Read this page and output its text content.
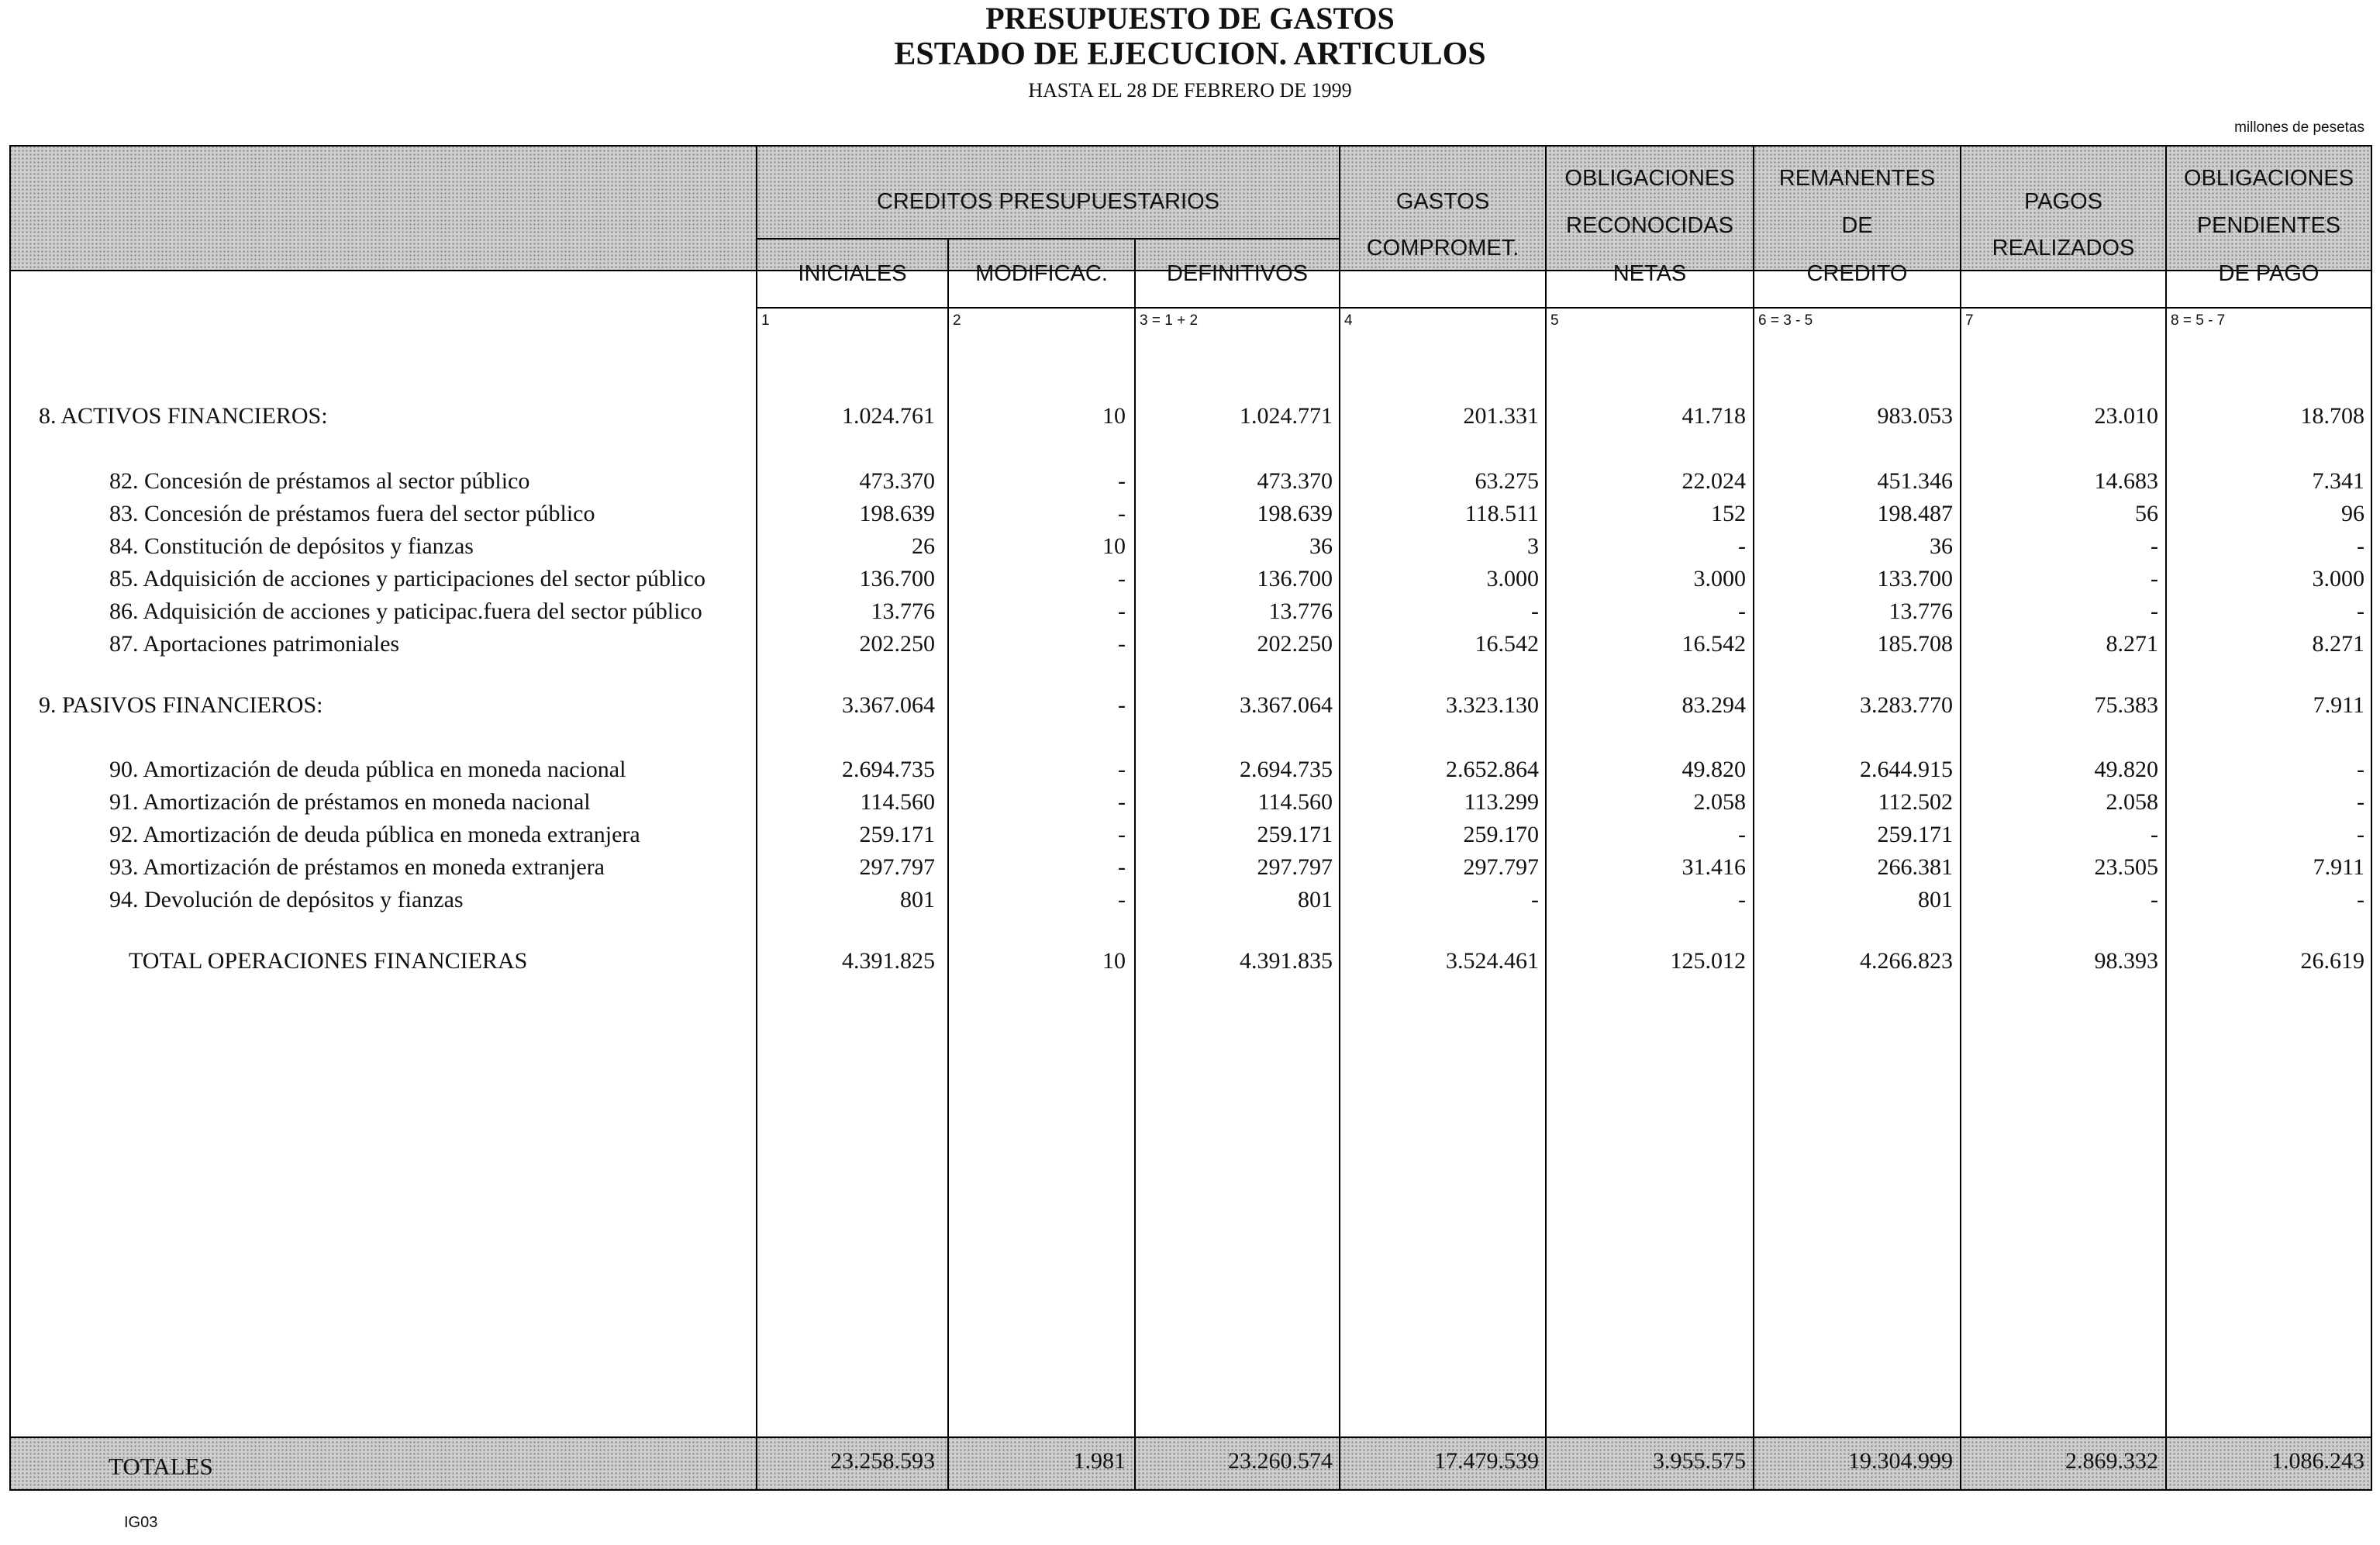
PRESUPUESTO DE GASTOS
ESTADO DE EJECUCION. ARTICULOS
HASTA EL 28 DE FEBRERO DE 1999
millones de pesetas
CREDITOS PRESUPUESTARIOS
INICIALES	MODIFICAC.	DEFINITIVOS
GASTOS
COMPROMET.
OBLIGACIONES
RECONOCIDAS
NETAS
REMANENTES
DE
CREDITO
PAGOS
REALIZADOS
OBLIGACIONES
PENDIENTES
DE PAGO
1	2	3 = 1 + 2	4	5	6 = 3 - 5	7	8 = 5 - 7
8. ACTIVOS FINANCIEROS:	1.024.761	10	1.024.771	201.331	41.718	983.053	23.010	18.708
82. Concesión de préstamos al sector público	473.370	-	473.370	63.275	22.024	451.346	14.683	7.341
83. Concesión de préstamos fuera del sector público	198.639	-	198.639	118.511	152	198.487	56	96
84. Constitución de depósitos y fianzas	26	10	36	3	-	36	-	-
85. Adquisición de acciones y participaciones del sector público	136.700	-	136.700	3.000	3.000	133.700	-	3.000
86. Adquisición de acciones y paticipac.fuera del sector público	13.776	-	13.776	-	-	13.776	-	-
87. Aportaciones patrimoniales	202.250	-	202.250	16.542	16.542	185.708	8.271	8.271
9. PASIVOS FINANCIEROS:	3.367.064	-	3.367.064	3.323.130	83.294	3.283.770	75.383	7.911
90. Amortización de deuda pública en moneda nacional	2.694.735	-	2.694.735	2.652.864	49.820	2.644.915	49.820	-
91. Amortización de préstamos en moneda nacional	114.560	-	114.560	113.299	2.058	112.502	2.058	-
92. Amortización de deuda pública en moneda extranjera	259.171	-	259.171	259.170	-	259.171	-	-
93. Amortización de préstamos en moneda extranjera	297.797	-	297.797	297.797	31.416	266.381	23.505	7.911
94. Devolución de depósitos y fianzas	801	-	801	-	-	801	-	-
TOTAL OPERACIONES FINANCIERAS	4.391.825	10	4.391.835	3.524.461	125.012	4.266.823	98.393	26.619
TOTALES	23.258.593	1.981	23.260.574	17.479.539	3.955.575	19.304.999	2.869.332	1.086.243
IG03
